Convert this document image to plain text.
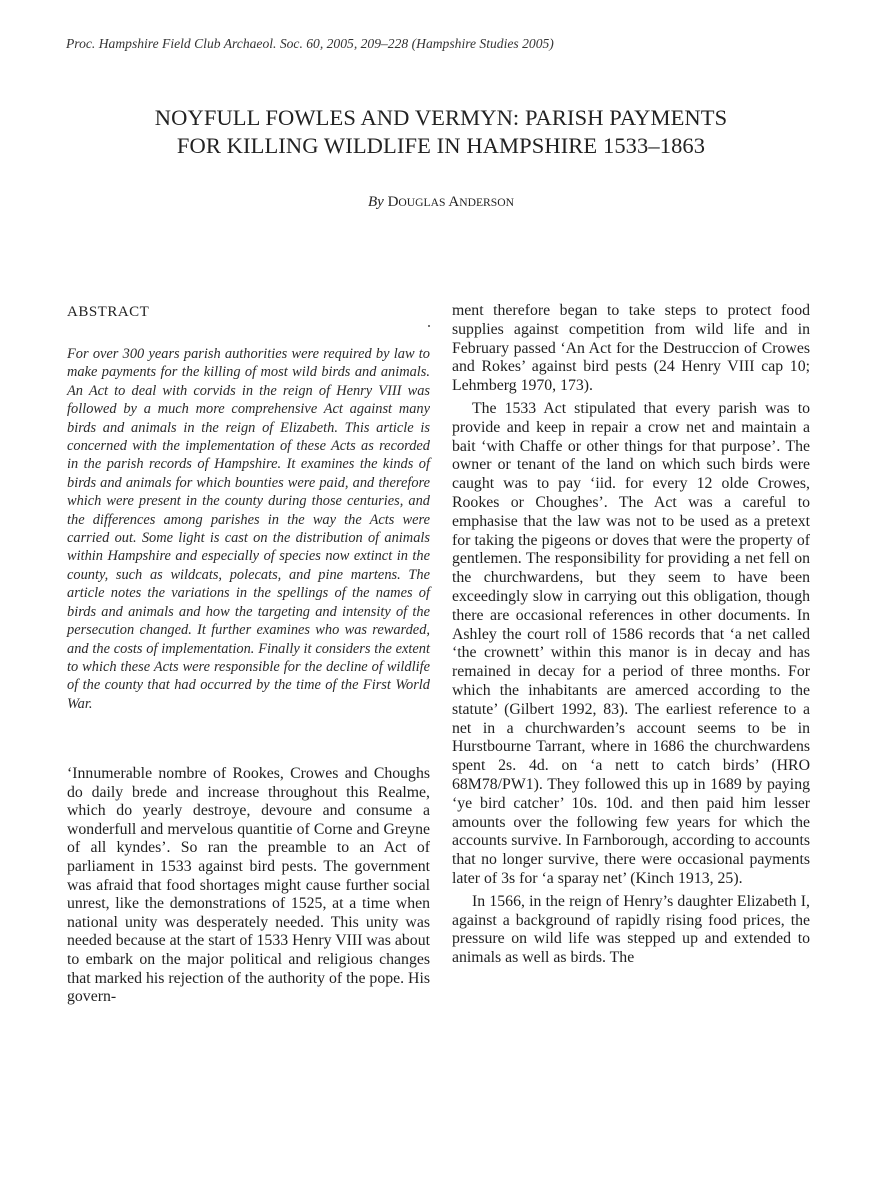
Proc. Hampshire Field Club Archaeol. Soc. 60, 2005, 209–228 (Hampshire Studies 2005)
NOYFULL FOWLES AND VERMYN: PARISH PAYMENTS
FOR KILLING WILDLIFE IN HAMPSHIRE 1533–1863
By DOUGLAS ANDERSON
ABSTRACT
For over 300 years parish authorities were required by law to make payments for the killing of most wild birds and animals. An Act to deal with corvids in the reign of Henry VIII was followed by a much more comprehensive Act against many birds and animals in the reign of Elizabeth. This article is concerned with the implementation of these Acts as recorded in the parish records of Hampshire. It examines the kinds of birds and animals for which bounties were paid, and therefore which were present in the county during those centuries, and the differences among parishes in the way the Acts were carried out. Some light is cast on the distribution of animals within Hampshire and especially of species now extinct in the county, such as wildcats, polecats, and pine martens. The article notes the variations in the spellings of the names of birds and animals and how the targeting and intensity of the persecution changed. It further examines who was rewarded, and the costs of implementation. Finally it considers the extent to which these Acts were responsible for the decline of wildlife of the county that had occurred by the time of the First World War.
‘Innumerable nombre of Rookes, Crowes and Choughs do daily brede and increase throughout this Realme, which do yearly destroye, devoure and consume a wonderfull and mervelous quantitie of Corne and Greyne of all kyndes’. So ran the preamble to an Act of parliament in 1533 against bird pests. The government was afraid that food shortages might cause further social unrest, like the demonstrations of 1525, at a time when national unity was desperately needed. This unity was needed because at the start of 1533 Henry VIII was about to embark on the major political and religious changes that marked his rejection of the authority of the pope. His govern-

ment therefore began to take steps to protect food supplies against competition from wild life and in February passed ‘An Act for the Destruccion of Crowes and Rokes’ against bird pests (24 Henry VIII cap 10; Lehmberg 1970, 173).

The 1533 Act stipulated that every parish was to provide and keep in repair a crow net and maintain a bait ‘with Chaffe or other things for that purpose’. The owner or tenant of the land on which such birds were caught was to pay ‘iid. for every 12 olde Crowes, Rookes or Choughes’. The Act was a careful to emphasise that the law was not to be used as a pretext for taking the pigeons or doves that were the property of gentlemen. The responsibility for providing a net fell on the churchwardens, but they seem to have been exceedingly slow in carrying out this obligation, though there are occasional references in other documents. In Ashley the court roll of 1586 records that ‘a net called ‘the crownett’ within this manor is in decay and has remained in decay for a period of three months. For which the inhabitants are amerced according to the statute’ (Gilbert 1992, 83). The earliest reference to a net in a churchwarden’s account seems to be in Hurstbourne Tarrant, where in 1686 the churchwardens spent 2s. 4d. on ‘a nett to catch birds’ (HRO 68M78/PW1). They followed this up in 1689 by paying ‘ye bird catcher’ 10s. 10d. and then paid him lesser amounts over the following few years for which the accounts survive. In Farnborough, according to accounts that no longer survive, there were occasional payments later of 3s for ‘a sparay net’ (Kinch 1913, 25).

In 1566, in the reign of Henry’s daughter Elizabeth I, against a background of rapidly rising food prices, the pressure on wild life was stepped up and extended to animals as well as birds. The
